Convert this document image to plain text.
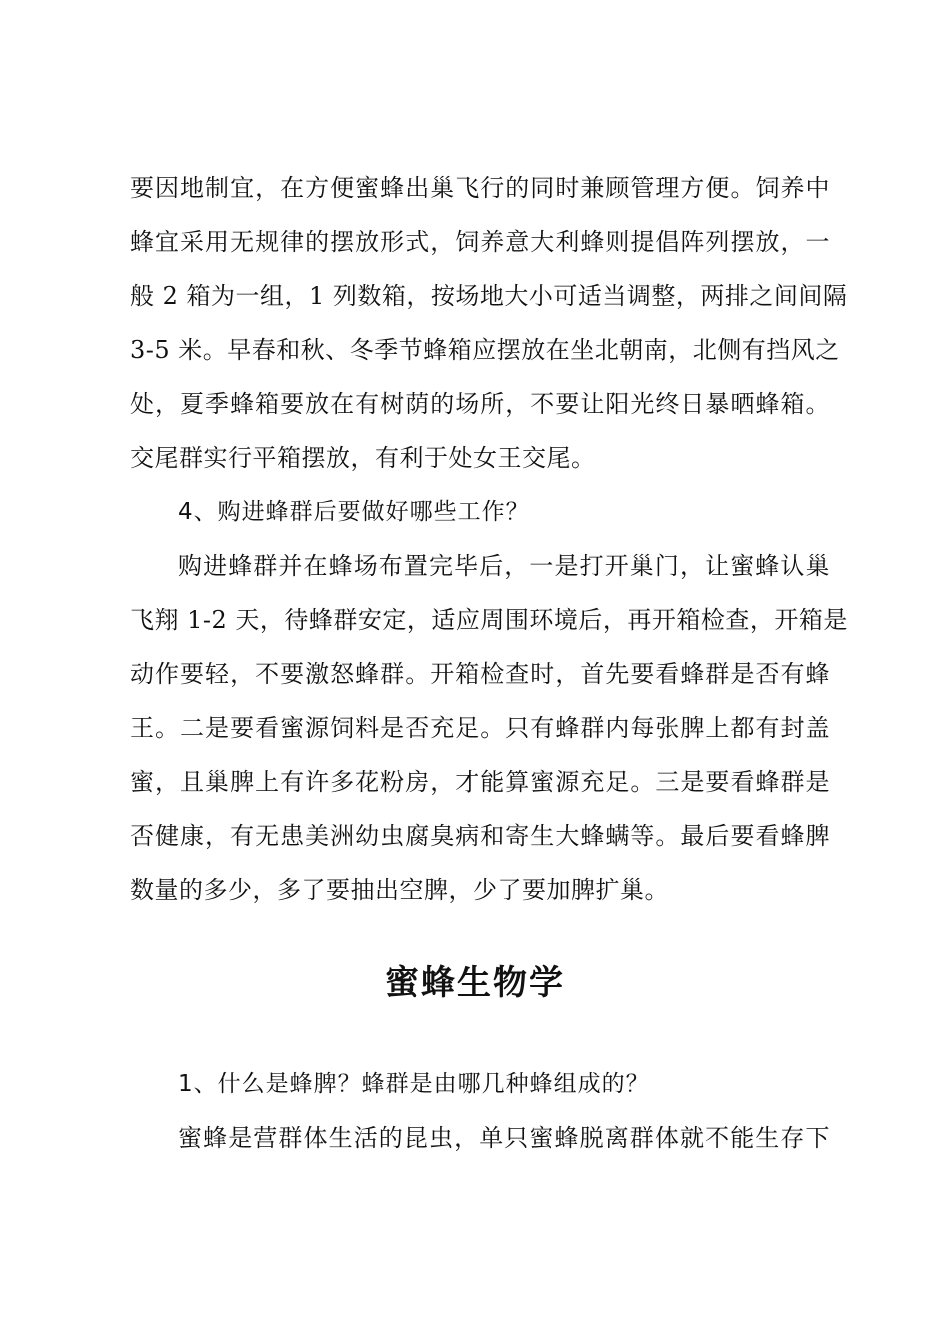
要因地制宜，在方便蜜蜂出巢飞行的同时兼顾管理方便。饲养中
蜂宜采用无规律的摆放形式，饲养意大利蜂则提倡阵列摆放，一
般 2 箱为一组，1 列数箱，按场地大小可适当调整，两排之间间隔
3-5 米。早春和秋、冬季节蜂箱应摆放在坐北朝南，北侧有挡风之
处，夏季蜂箱要放在有树荫的场所，不要让阳光终日暴晒蜂箱。
交尾群实行平箱摆放，有利于处女王交尾。
4、购进蜂群后要做好哪些工作？
购进蜂群并在蜂场布置完毕后，一是打开巢门，让蜜蜂认巢
飞翔 1-2 天，待蜂群安定，适应周围环境后，再开箱检查，开箱是
动作要轻，不要激怒蜂群。开箱检查时，首先要看蜂群是否有蜂
王。二是要看蜜源饲料是否充足。只有蜂群内每张脾上都有封盖
蜜，且巢脾上有许多花粉房，才能算蜜源充足。三是要看蜂群是
否健康，有无患美洲幼虫腐臭病和寄生大蜂螨等。最后要看蜂脾
数量的多少，多了要抽出空脾，少了要加脾扩巢。
蜜蜂生物学
1、什么是蜂脾？蜂群是由哪几种蜂组成的？
蜜蜂是营群体生活的昆虫，单只蜜蜂脱离群体就不能生存下
